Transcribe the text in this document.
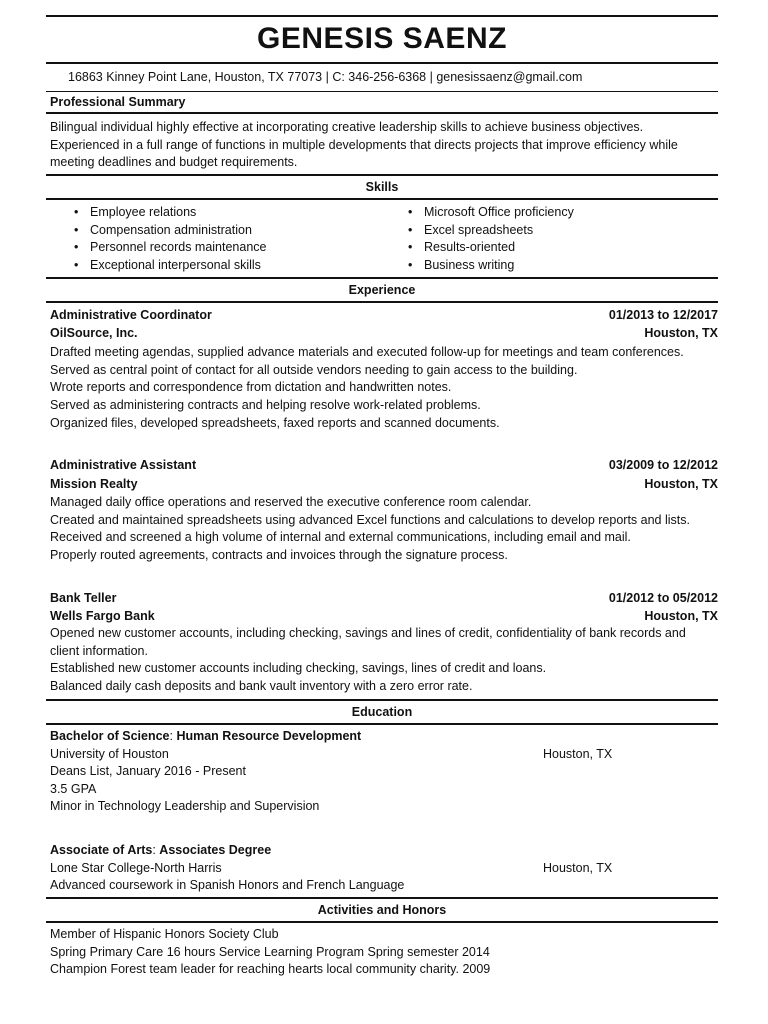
GENESIS SAENZ
16863 Kinney Point Lane, Houston, TX 77073 | C: 346-256-6368 | genesissaenz@gmail.com
Professional Summary
Bilingual individual highly effective at incorporating creative leadership skills to achieve business objectives. Experienced in a full range of functions in multiple developments that directs projects that improve efficiency while meeting deadlines and budget requirements.
Skills
• Employee relations
• Compensation administration
• Personnel records maintenance
• Exceptional interpersonal skills
• Microsoft Office proficiency
• Excel spreadsheets
• Results-oriented
• Business writing
Experience
Administrative Coordinator	01/2013 to 12/2017
OilSource, Inc.	Houston, TX
Drafted meeting agendas, supplied advance materials and executed follow-up for meetings and team conferences.
Served as central point of contact for all outside vendors needing to gain access to the building.
Wrote reports and correspondence from dictation and handwritten notes.
Served as administering contracts and helping resolve work-related problems.
Organized files, developed spreadsheets, faxed reports and scanned documents.
Administrative Assistant	03/2009 to 12/2012
Mission Realty	Houston, TX
Managed daily office operations and reserved the executive conference room calendar.
Created and maintained spreadsheets using advanced Excel functions and calculations to develop reports and lists.
Received and screened a high volume of internal and external communications, including email and mail.
Properly routed agreements, contracts and invoices through the signature process.
Bank Teller	01/2012 to 05/2012
Wells Fargo Bank	Houston, TX
Opened new customer accounts, including checking, savings and lines of credit, confidentiality of bank records and client information.
Established new customer accounts including checking, savings, lines of credit and loans.
Balanced daily cash deposits and bank vault inventory with a zero error rate.
Education
Bachelor of Science: Human Resource Development
University of Houston	Houston, TX
Deans List, January 2016 - Present
3.5 GPA
Minor in Technology Leadership and Supervision
Associate of Arts: Associates Degree
Lone Star College-North Harris	Houston, TX
Advanced coursework in Spanish Honors and French Language
Activities and Honors
Member of Hispanic Honors Society Club
Spring Primary Care 16 hours Service Learning Program Spring semester 2014
Champion Forest team leader for reaching hearts local community charity. 2009
